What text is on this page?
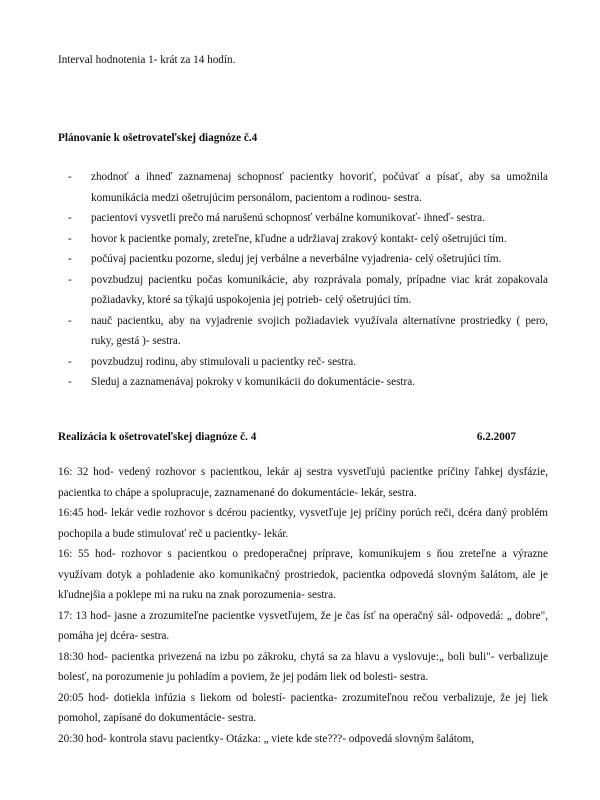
Interval hodnotenia 1- krát za 14 hodín.
Plánovanie k ošetrovateľskej diagnóze č.4
- zhodnoť a ihneď zaznamenaj schopnosť pacientky hovoriť, počúvať a písať, aby sa umožnila komunikácia medzi ošetrujúcim personálom, pacientom a rodinou- sestra.
- pacientovi vysvetli prečo má narušenú schopnosť verbálne komunikovať- ihneď- sestra.
- hovor k pacientke pomaly, zreteľne, kľudne a udržiavaj zrakový kontakt- celý ošetrujúci tím.
- počúvaj pacientku pozorne, sleduj jej verbálne a neverbálne vyjadrenia- celý ošetrujúci tím.
- povzbudzuj pacientku počas komunikácie, aby rozprávala pomaly, prípadne viac krát zopakovala požiadavky, ktoré sa týkajú uspokojenia jej potrieb- celý ošetrujúci tím.
- nauč pacientku, aby na vyjadrenie svojich požiadaviek využívala alternatívne prostriedky ( pero, ruky, gestá )- sestra.
- povzbudzuj rodinu, aby stimulovali u pacientky reč- sestra.
- Sleduj a zaznamenávaj pokroky v komunikácii do dokumentácie- sestra.
Realizácia k ošetrovateľskej diagnóze č. 4	6.2.2007

16: 32 hod- vedený rozhovor s pacientkou, lekár aj sestra vysvetľujú pacientke príčiny ľahkej dysfázie, pacientka to chápe a spolupracuje, zaznamenané do dokumentácie- lekár, sestra.

16:45 hod- lekár vedie rozhovor s dcérou pacientky, vysvetľuje jej príčiny porúch reči, dcéra daný problém pochopila a bude stimulovať reč u pacientky- lekár.

16: 55 hod- rozhovor s pacientkou o predoperačnej príprave, komunikujem s ňou zreteľne a výrazne využívam dotyk a pohladenie ako komunikačný prostriedok, pacientka odpovedá slovným šalátom, ale je kľudnejšia a poklepe mi na ruku na znak porozumenia- sestra.

17: 13 hod- jasne a zrozumiteľne pacientke vysvetľujem, že je čas ísť na operačný sál- odpovedá: „ dobre", pomáha jej dcéra- sestra.

18:30 hod- pacientka privezená na izbu po zákroku, chytá sa za hlavu a vyslovuje:„ boli buli"- verbalizuje bolesť, na porozumenie ju pohladím a poviem, že jej podám liek od bolesti- sestra.

20:05 hod- dotiekla infúzia s liekom od bolestí- pacientka- zrozumiteľnou rečou verbalizuje, že jej liek pomohol, zapísané do dokumentácie- sestra.

20:30 hod- kontrola stavu pacientky- Otázka: „ viete kde ste???- odpovedá slovným šalátom,
